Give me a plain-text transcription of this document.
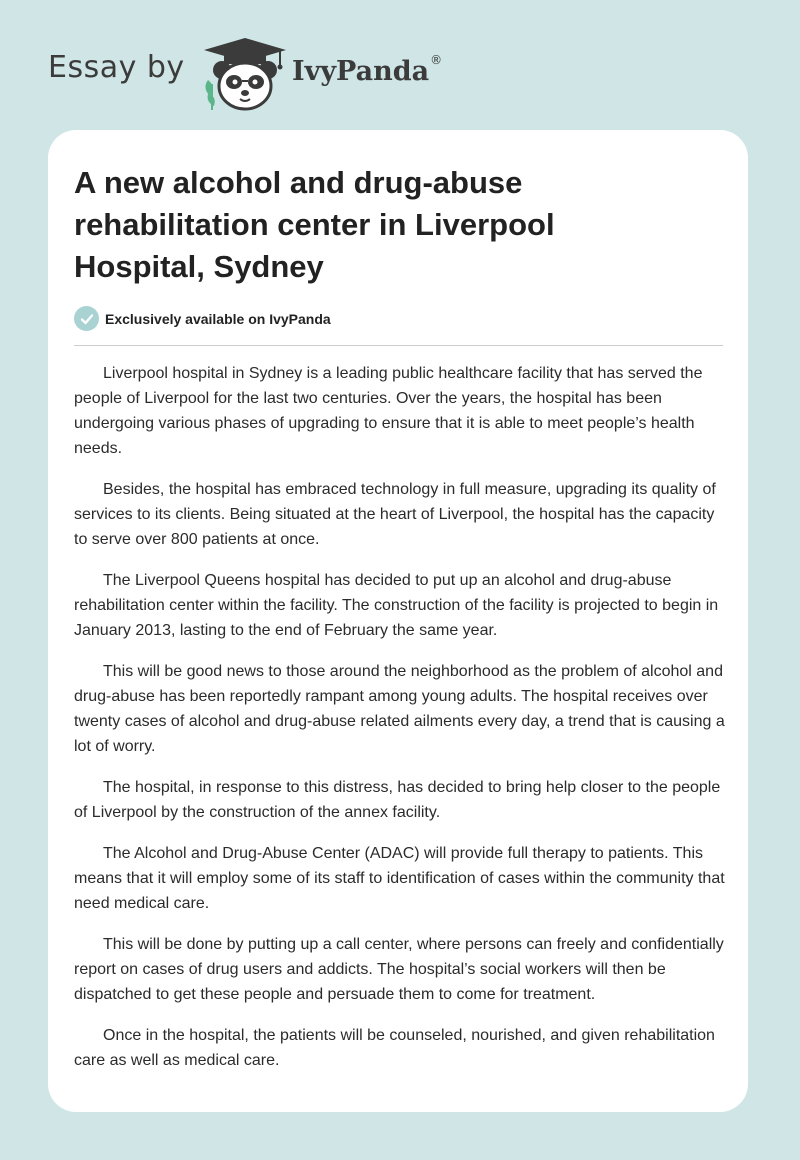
Essay by	IvyPanda®
A new alcohol and drug-abuse rehabilitation center in Liverpool Hospital, Sydney
Exclusively available on IvyPanda

Liverpool hospital in Sydney is a leading public healthcare facility that has served the people of Liverpool for the last two centuries. Over the years, the hospital has been undergoing various phases of upgrading to ensure that it is able to meet people’s health needs.

Besides, the hospital has embraced technology in full measure, upgrading its quality of services to its clients. Being situated at the heart of Liverpool, the hospital has the capacity to serve over 800 patients at once.

The Liverpool Queens hospital has decided to put up an alcohol and drug-abuse rehabilitation center within the facility. The construction of the facility is projected to begin in January 2013, lasting to the end of February the same year.

This will be good news to those around the neighborhood as the problem of alcohol and drug-abuse has been reportedly rampant among young adults. The hospital receives over twenty cases of alcohol and drug-abuse related ailments every day, a trend that is causing a lot of worry.

The hospital, in response to this distress, has decided to bring help closer to the people of Liverpool by the construction of the annex facility.

The Alcohol and Drug-Abuse Center (ADAC) will provide full therapy to patients. This means that it will employ some of its staff to identification of cases within the community that need medical care.

This will be done by putting up a call center, where persons can freely and confidentially report on cases of drug users and addicts. The hospital’s social workers will then be dispatched to get these people and persuade them to come for treatment.

Once in the hospital, the patients will be counseled, nourished, and given rehabilitation care as well as medical care.
